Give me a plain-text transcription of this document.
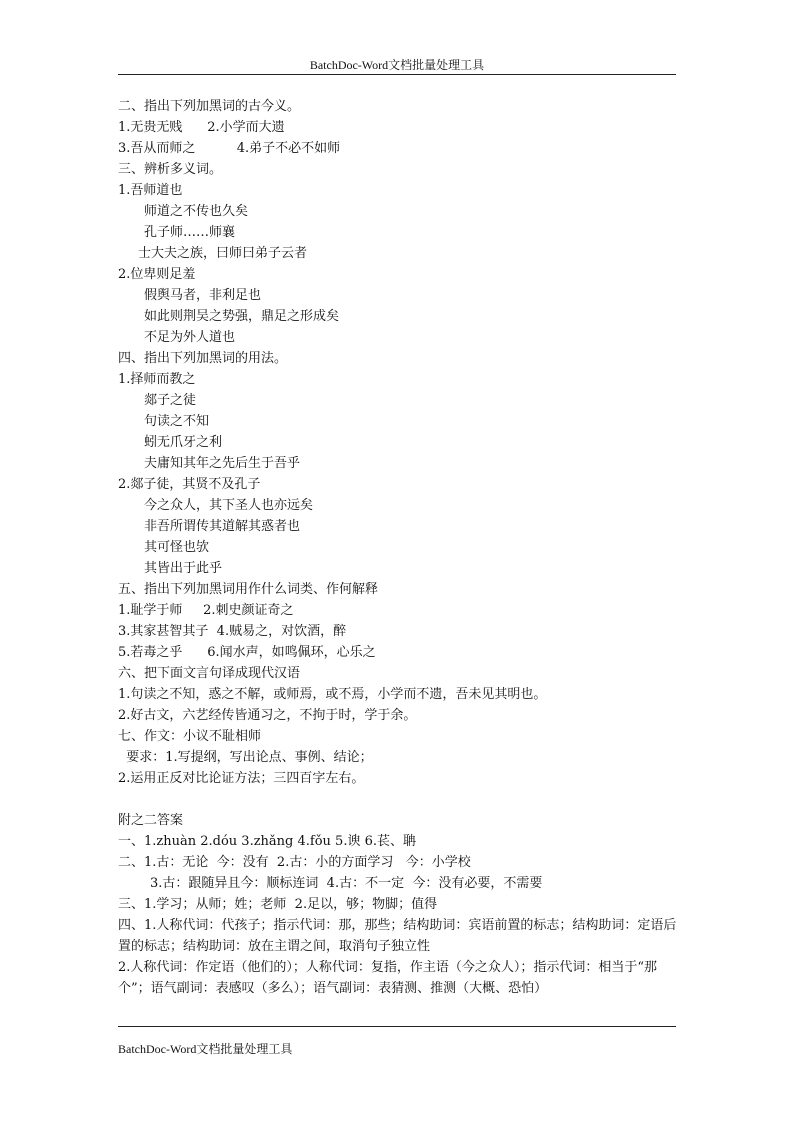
BatchDoc-Word文档批量处理工具
二、指出下列加黑词的古今义。
1.无贵无贱      2.小学而大遗
3.吾从而师之          4.弟子不必不如师
三、辨析多义词。
1.吾师道也
师道之不传也久矣
孔子师……师襄
士大夫之族，曰师曰弟子云者
2.位卑则足羞
假舆马者，非利足也
如此则荆吴之势强，鼎足之形成矣
不足为外人道也
四、指出下列加黑词的用法。
1.择师而教之
郯子之徒
句读之不知
蚓无爪牙之利
夫庸知其年之先后生于吾乎
2.郯子徒，其贤不及孔子
今之众人，其下圣人也亦远矣
非吾所谓传其道解其惑者也
其可怪也欤
其皆出于此乎
五、指出下列加黑词用作什么词类、作何解释
1.耻学于师     2.刺史颜证奇之
3.其家甚智其子  4.贼易之，对饮酒，醉
5.若毒之乎      6.闻水声，如鸣佩环，心乐之
六、把下面文言句译成现代汉语
1.句读之不知，惑之不解，或师焉，或不焉，小学而不遗，吾未见其明也。
2.好古文，六艺经传皆通习之，不拘于时，学于余。
七、作文：小议不耻相师
要求：1.写提纲，写出论点、事例、结论；
2.运用正反对比论证方法；三四百字左右。
附之二答案
一、1.zhuàn 2.dóu 3.zhǎng 4.fǒu 5.谀 6.苌、聃
二、1.古：无论  今：没有  2.古：小的方面学习   今：小学校
3.古：跟随异且今：顺标连词  4.古：不一定  今：没有必要，不需要
三、1.学习；从师；姓；老师  2.足以，够；物脚；值得
四、1.人称代词：代孩子；指示代词：那，那些；结构助词：宾语前置的标志；结构助词：定语后置的标志；结构助词：放在主谓之间，取消句子独立性
2.人称代词：作定语（他们的）；人称代词：复指，作主语（今之众人）；指示代词：相当于“那个”；语气副词：表感叹（多么）；语气副词：表猜测、推测（大概、恐怕）
BatchDoc-Word文档批量处理工具
